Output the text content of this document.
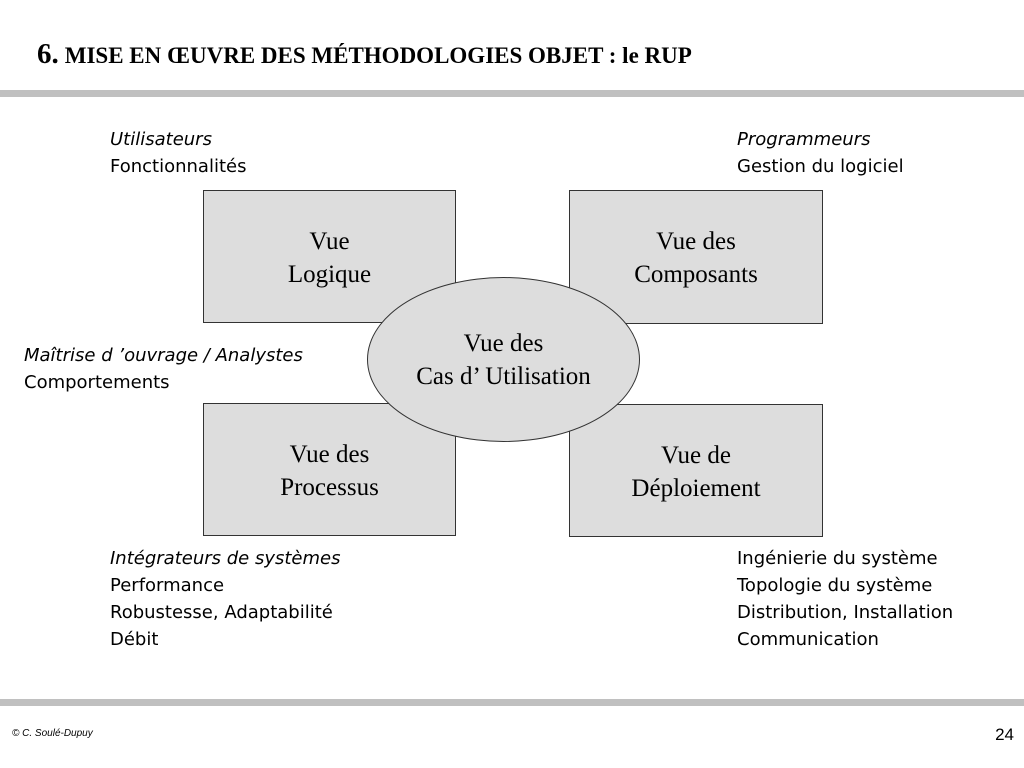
6. MISE EN ŒUVRE DES MÉTHODOLOGIES OBJET : le RUP
Utilisateurs
Fonctionnalités
Programmeurs
Gestion du logiciel
Vue
Logique
Vue des
Composants
Vue des
Processus
Vue de
Déploiement
Vue des
Cas d’ Utilisation
Maîtrise d ’ouvrage / Analystes
Comportements
Intégrateurs de systèmes
Performance
Robustesse, Adaptabilité
Débit
Ingénierie du système
Topologie du système
Distribution, Installation
Communication
© C. Soulé-Dupuy	24
